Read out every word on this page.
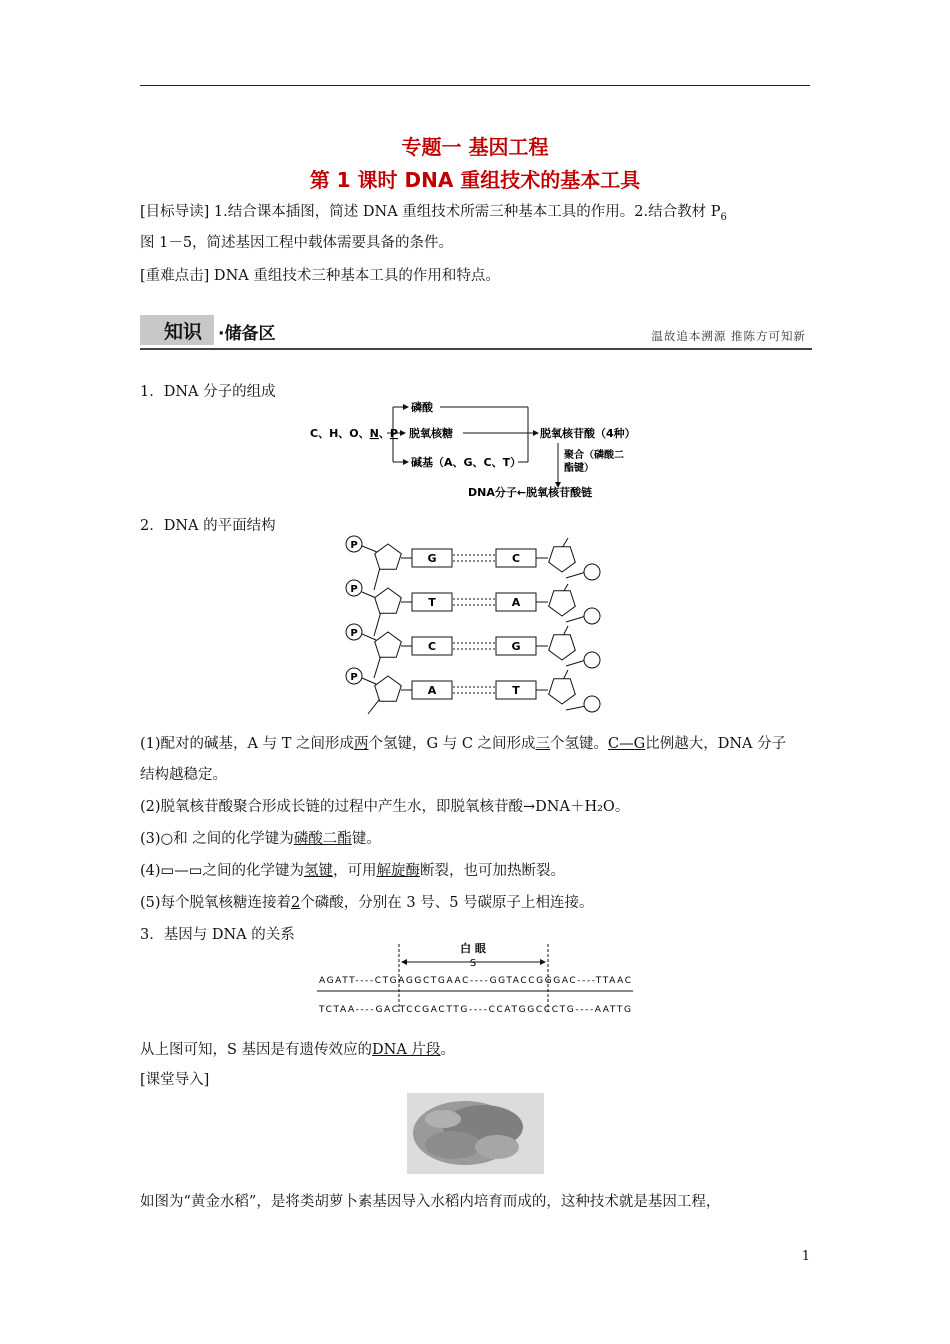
专题一 基因工程
第 1 课时 DNA 重组技术的基本工具
[目标导读] 1.结合课本插图，简述 DNA 重组技术所需三种基本工具的作用。2.结合教材 $P_6$
图 1－5，简述基因工程中载体需要具备的条件。
[重难点击] DNA 重组技术三种基本工具的作用和特点。
知识 ·储备区	温故追本溯源 推陈方可知新
1．DNA 分子的组成
C、H、O、N、P
磷酸
脱氧核糖
碱基（A、G、C、T）
脱氧核苷酸（4种）
聚合（磷酸二
酯键）
DNA分子←脱氧核苷酸链
2．DNA 的平面结构
P
G	C
P
T	A
P
C	G
P
A	T
(1)配对的碱基，A 与 T 之间形成两个氢键，G 与 C 之间形成三个氢键。C—G比例越大，DNA 分子
结构越稳定。
(2)脱氧核苷酸聚合形成长链的过程中产生水，即脱氧核苷酸→DNA＋H₂O。
(3)○和 之间的化学键为磷酸二酯键。
(4)▭—▭之间的化学键为氢键，可用解旋酶断裂，也可加热断裂。
(5)每个脱氧核糖连接着2个磷酸，分别在 3 号、5 号碳原子上相连接。
3．基因与 DNA 的关系
白 眼
S
AGATT----CTGAGGCTGAAC----GGTACCGGGAC----TTAAC
TCTAA----GACTCCGACTTG----CCATGGCCCTG----AATTG
从上图可知，S 基因是有遗传效应的DNA 片段。
[课堂导入]
如图为“黄金水稻”，是将类胡萝卜素基因导入水稻内培育而成的，这种技术就是基因工程，
1
